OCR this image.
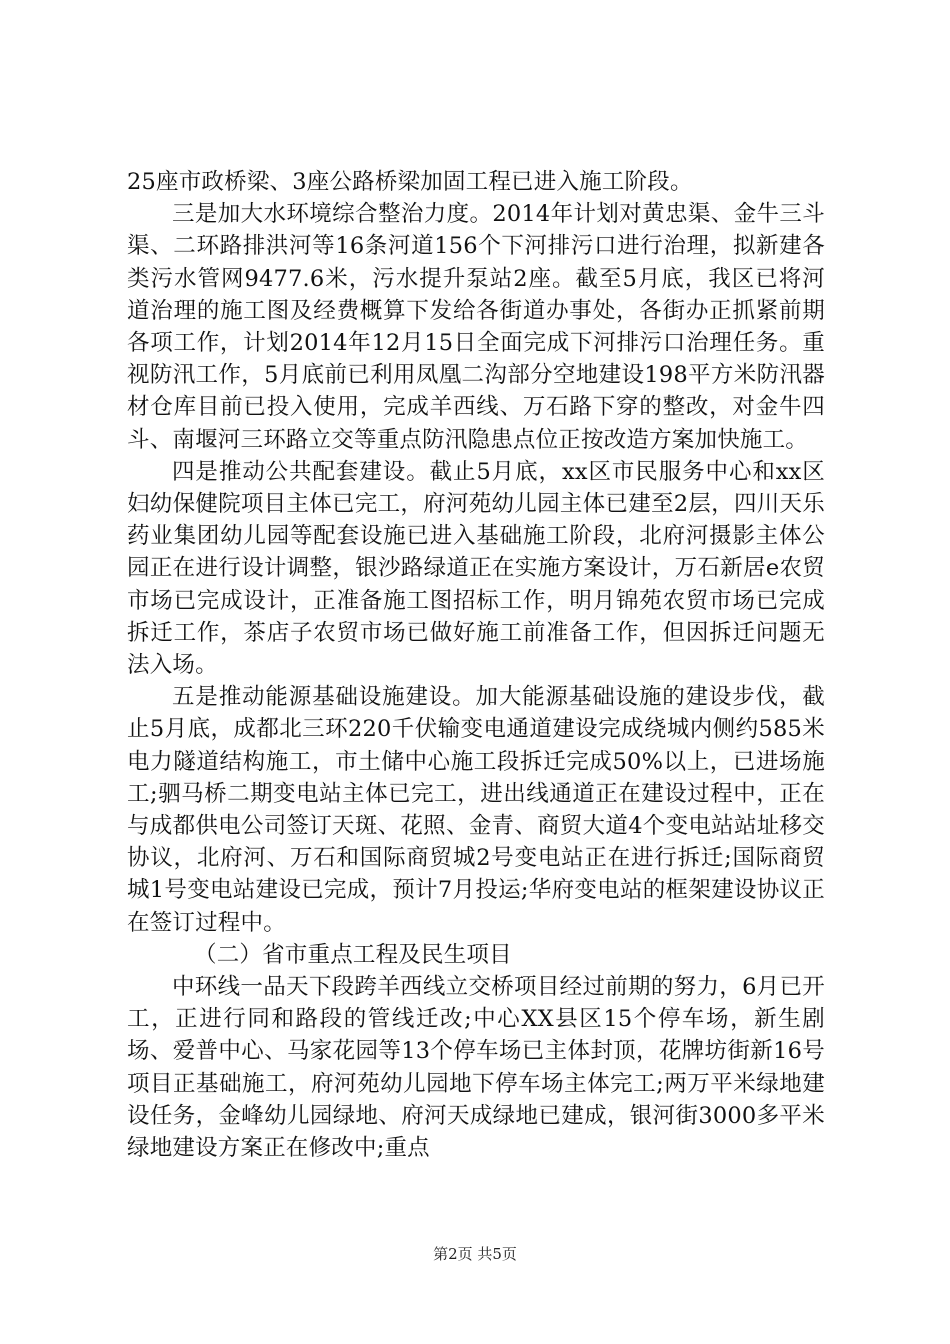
25座市政桥梁、3座公路桥梁加固工程已进入施工阶段。

三是加大水环境综合整治力度。2014年计划对黄忠渠、金牛三斗渠、二环路排洪河等16条河道156个下河排污口进行治理，拟新建各类污水管网9477.6米，污水提升泵站2座。截至5月底，我区已将河道治理的施工图及经费概算下发给各街道办事处，各街办正抓紧前期各项工作，计划2014年12月15日全面完成下河排污口治理任务。重视防汛工作，5月底前已利用凤凰二沟部分空地建设198平方米防汛器材仓库目前已投入使用，完成羊西线、万石路下穿的整改，对金牛四斗、南堰河三环路立交等重点防汛隐患点位正按改造方案加快施工。

四是推动公共配套建设。截止5月底，xx区市民服务中心和xx区妇幼保健院项目主体已完工，府河苑幼儿园主体已建至2层，四川天乐药业集团幼儿园等配套设施已进入基础施工阶段，北府河摄影主体公园正在进行设计调整，银沙路绿道正在实施方案设计，万石新居e农贸市场已完成设计，正准备施工图招标工作，明月锦苑农贸市场已完成拆迁工作，茶店子农贸市场已做好施工前准备工作，但因拆迁问题无法入场。

五是推动能源基础设施建设。加大能源基础设施的建设步伐，截止5月底，成都北三环220千伏输变电通道建设完成绕城内侧约585米电力隧道结构施工，市土储中心施工段拆迁完成50%以上，已进场施工;驷马桥二期变电站主体已完工，进出线通道正在建设过程中，正在与成都供电公司签订天斑、花照、金青、商贸大道4个变电站站址移交协议，北府河、万石和国际商贸城2号变电站正在进行拆迁;国际商贸城1号变电站建设已完成，预计7月投运;华府变电站的框架建设协议正在签订过程中。

（二）省市重点工程及民生项目

中环线一品天下段跨羊西线立交桥项目经过前期的努力，6月已开工，正进行同和路段的管线迁改;中心XX县区15个停车场，新生剧场、爱普中心、马家花园等13个停车场已主体封顶，花牌坊街新16号项目正基础施工，府河苑幼儿园地下停车场主体完工;两万平米绿地建设任务，金峰幼儿园绿地、府河天成绿地已建成，银河街3000多平米绿地建设方案正在修改中;重点

第2页 共5页
